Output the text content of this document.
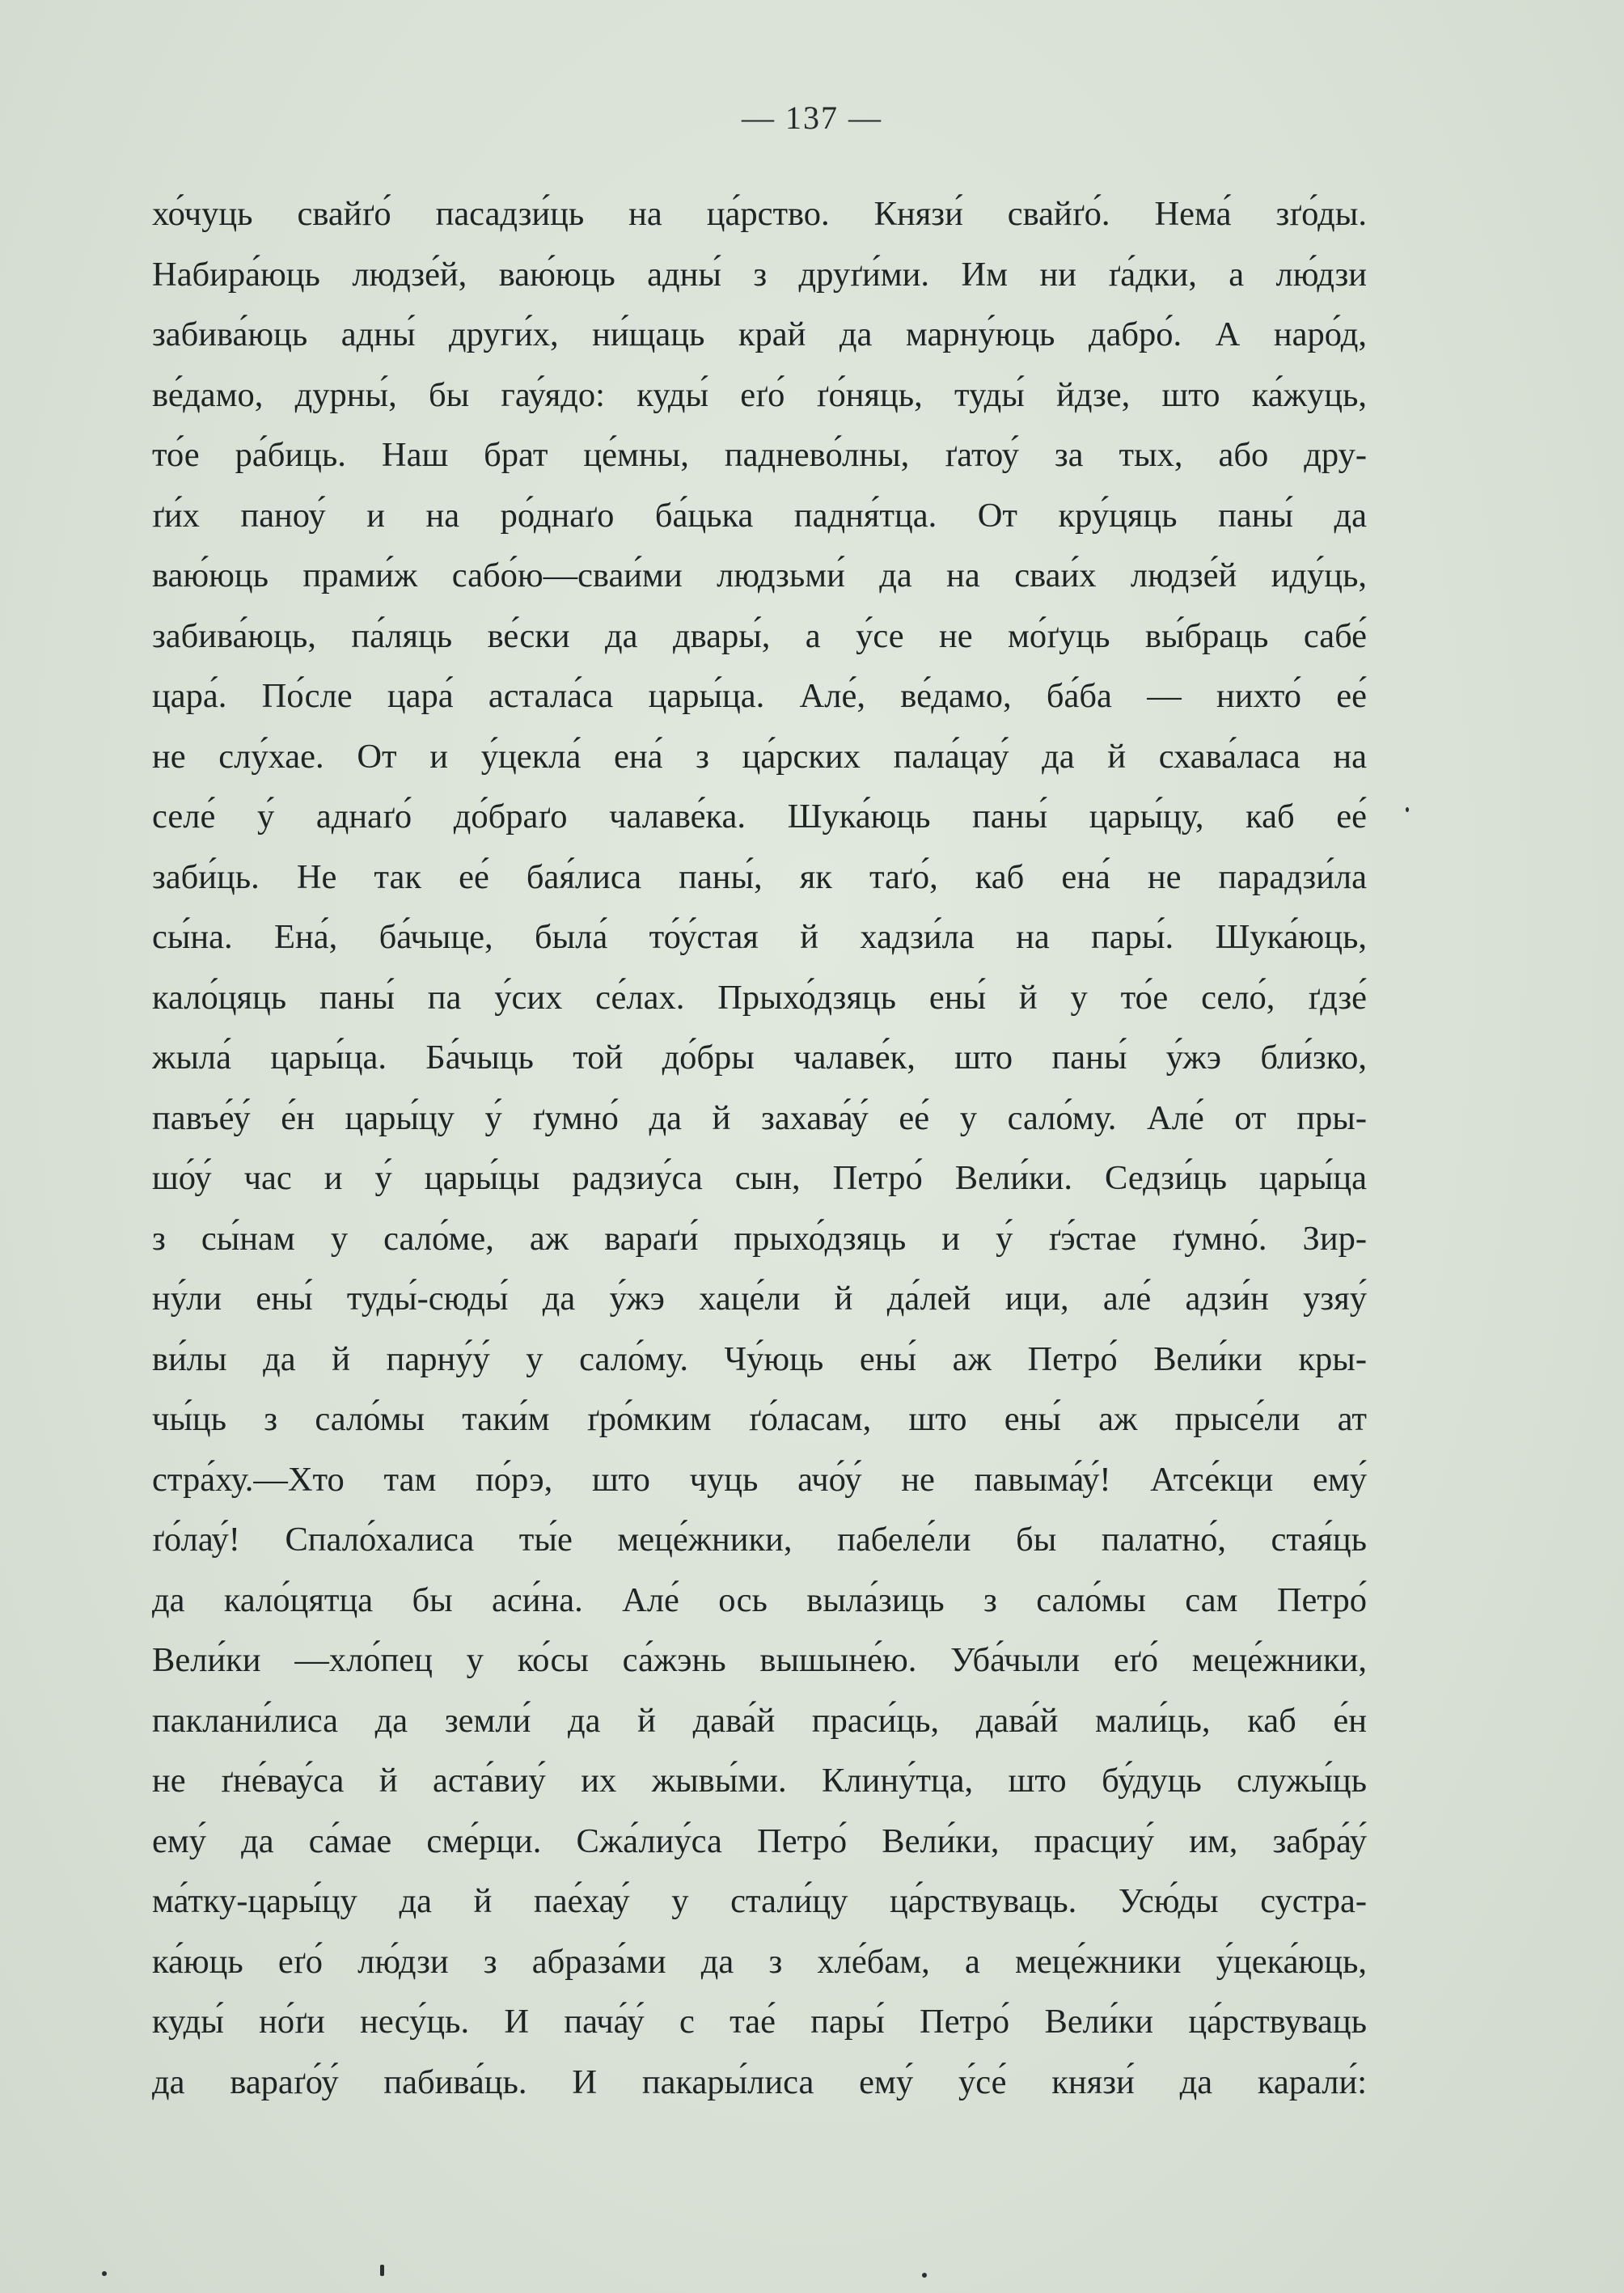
— 137 —
хо́чуць свайґо́ пасадзи́ць на ца́рство. Князи́ свайґо́. Нема́ зґо́ды.
Набира́юць людзе́й, ваю́юць адны́ з друґи́ми. Им ни ґа́дки, а лю́дзи
забива́юць адны́ други́х, ни́щаць край да марну́юць дабро́. А наро́д,
ве́дамо, дурны́, бы гау́ядо: куды́ еґо́ ґо́няць, туды́ йдзе, што ка́жуць,
то́е ра́биць. Наш брат це́мны, паднево́лны, ґатоу́ за тых, або дру-
ґи́х паноу́ и на ро́днаґо ба́цька падня́тца. От кру́цяць паны́ да
ваю́юць прами́ж сабо́ю—сваи́ми людзьми́ да на сваи́х людзе́й иду́ць,
забива́юць, па́ляць ве́ски да двары́, а у́се не мо́ґуць вы́браць сабе́
цара́. По́сле цара́ астала́са цары́ца. Але́, ве́дамо, ба́ба — нихто́ ее́
не слу́хае. От и у́цекла́ ена́ з ца́рских пала́цау́ да й схава́ласа на
селе́ у́ аднаґо́ до́браґо чалаве́ка. Шука́юць паны́ цары́цу, каб ее́
заби́ць. Не так ее́ бая́лиса паны́, як таґо́, каб ена́ не парадзи́ла
сы́на. Ена́, ба́чыце, была́ то́у́стая й хадзи́ла на пары́. Шука́юць,
кало́цяць паны́ па у́сих се́лах. Прыхо́дзяць ены́ й у то́е село́, ґдзе́
жыла́ цары́ца. Ба́чыць той до́бры чалаве́к, што паны́ у́жэ бли́зко,
павъе́у́ е́н цары́цу у́ ґумно́ да й захава́у́ ее́ у сало́му. Але́ от пры-
шо́у́ час и у́ цары́цы радзиу́са сын, Петро́ Вели́ки. Седзи́ць цары́ца
з сы́нам у сало́ме, аж вараґи́ прыхо́дзяць и у́ ґэ́стае ґумно́. Зир-
ну́ли ены́ туды́-сюды́ да у́жэ хаце́ли й да́лей ици, але́ адзи́н узяу́
ви́лы да й парну́у́ у сало́му. Чу́юць ены́ аж Петро́ Вели́ки кры-
чы́ць з сало́мы таки́м ґро́мким ґо́ласам, што ены́ аж прысе́ли ат
стра́ху.—Хто там по́рэ, што чуць ачо́у́ не павыма́у́! Атсе́кци ему́
ґо́лау́! Спало́халиса ты́е меце́жники, пабеле́ли бы палатно́, стая́ць
да кало́цятца бы аси́на. Але́ ось выла́зиць з сало́мы сам Петро́
Вели́ки —хло́пец у ко́сы са́жэнь вышыне́ю. Уба́чыли еґо́ меце́жники,
паклани́лиса да земли́ да й дава́й праси́ць, дава́й мали́ць, каб е́н
не ґне́вау́са й аста́виу́ их жывы́ми. Клину́тца, што бу́дуць служы́ць
ему́ да са́мае сме́рци. Сжа́лиу́са Петро́ Вели́ки, прасциу́ им, забра́у́
ма́тку-цары́цу да й пае́хау́ у стали́цу ца́рствуваць. Усю́ды сустра-
ка́юць еґо́ лю́дзи з абраза́ми да з хле́бам, а меце́жники у́цека́юць,
куды́ но́ґи несу́ць. И пача́у́ с тае́ пары́ Петро́ Вели́ки ца́рствуваць
да вараґо́у́ пабива́ць. И пакары́лиса ему́ у́се́ князи́ да карали́:
